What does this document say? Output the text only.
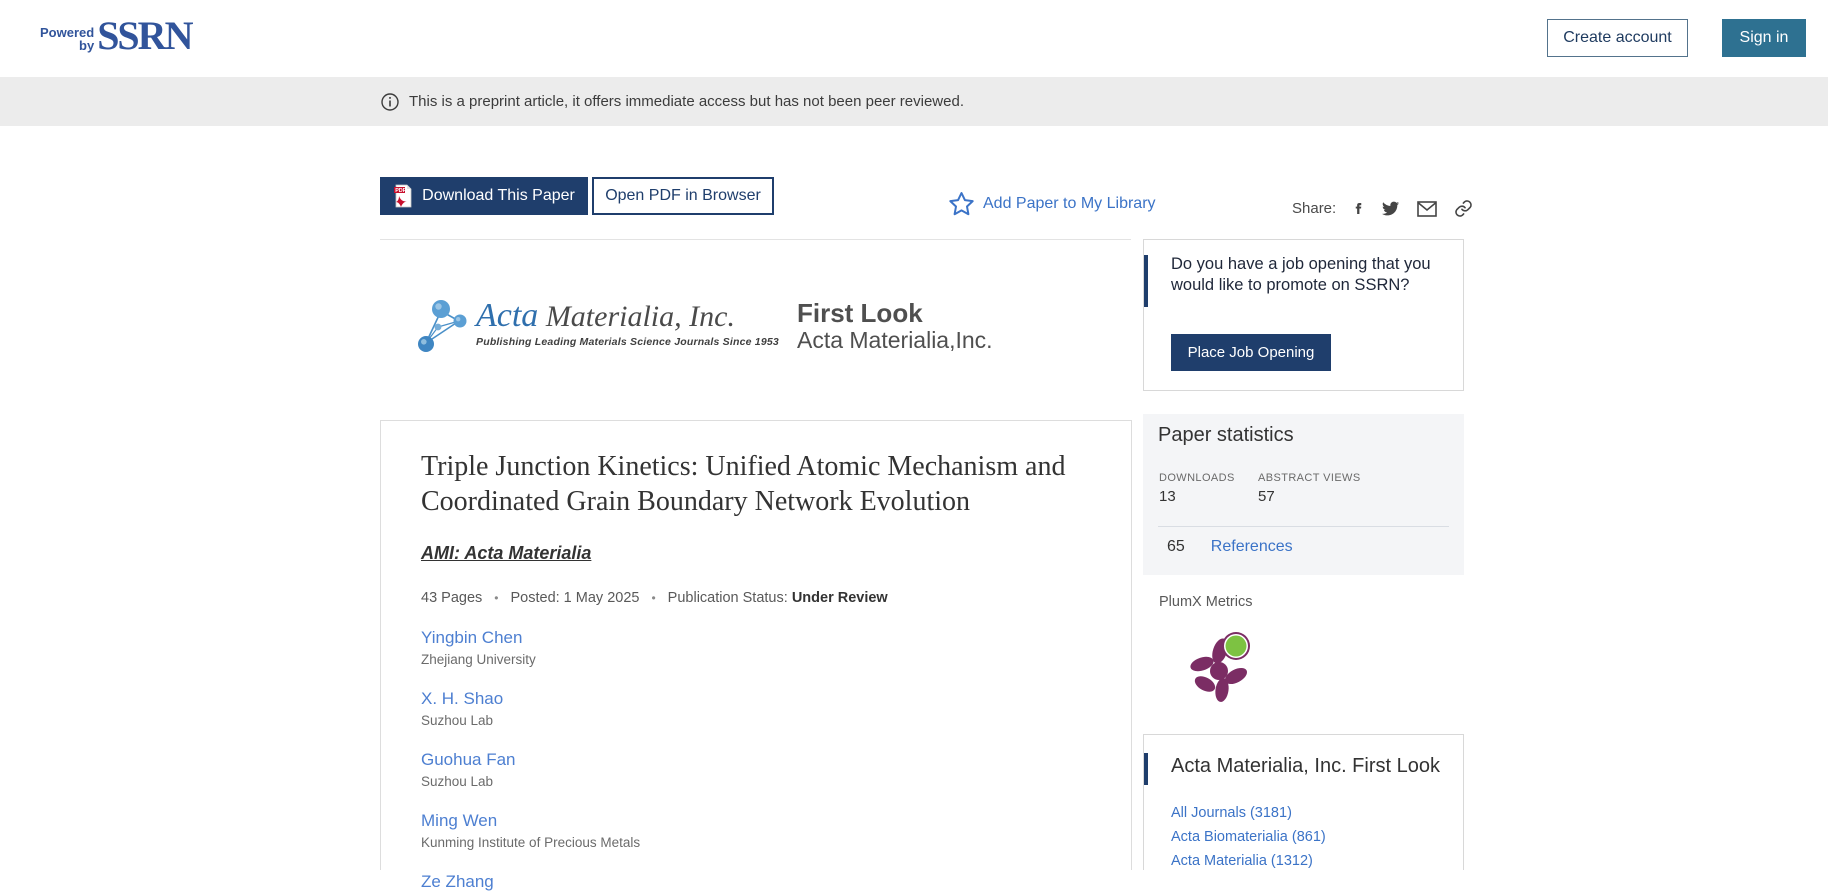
Powered
by SSRN	Create account	Sign in
This is a preprint article, it offers immediate access but has not been peer reviewed.
PDF Download This Paper	Open PDF in Browser	Add Paper to My Library	Share:
Acta Materialia, Inc.
Publishing Leading Materials Science Journals Since 1953
First Look
Acta Materialia,Inc.
Triple Junction Kinetics: Unified Atomic Mechanism and Coordinated Grain Boundary Network Evolution
AMI: Acta Materialia
43 Pages • Posted: 1 May 2025 • Publication Status: Under Review
Yingbin Chen
Zhejiang University
X. H. Shao
Suzhou Lab
Guohua Fan
Suzhou Lab
Ming Wen
Kunming Institute of Precious Metals
Ze Zhang
Do you have a job opening that you would like to promote on SSRN?
Place Job Opening
Paper statistics
DOWNLOADS
13
ABSTRACT VIEWS
57
65 References
PlumX Metrics
Acta Materialia, Inc. First Look
All Journals (3181)
Acta Biomaterialia (861)
Acta Materialia (1312)
